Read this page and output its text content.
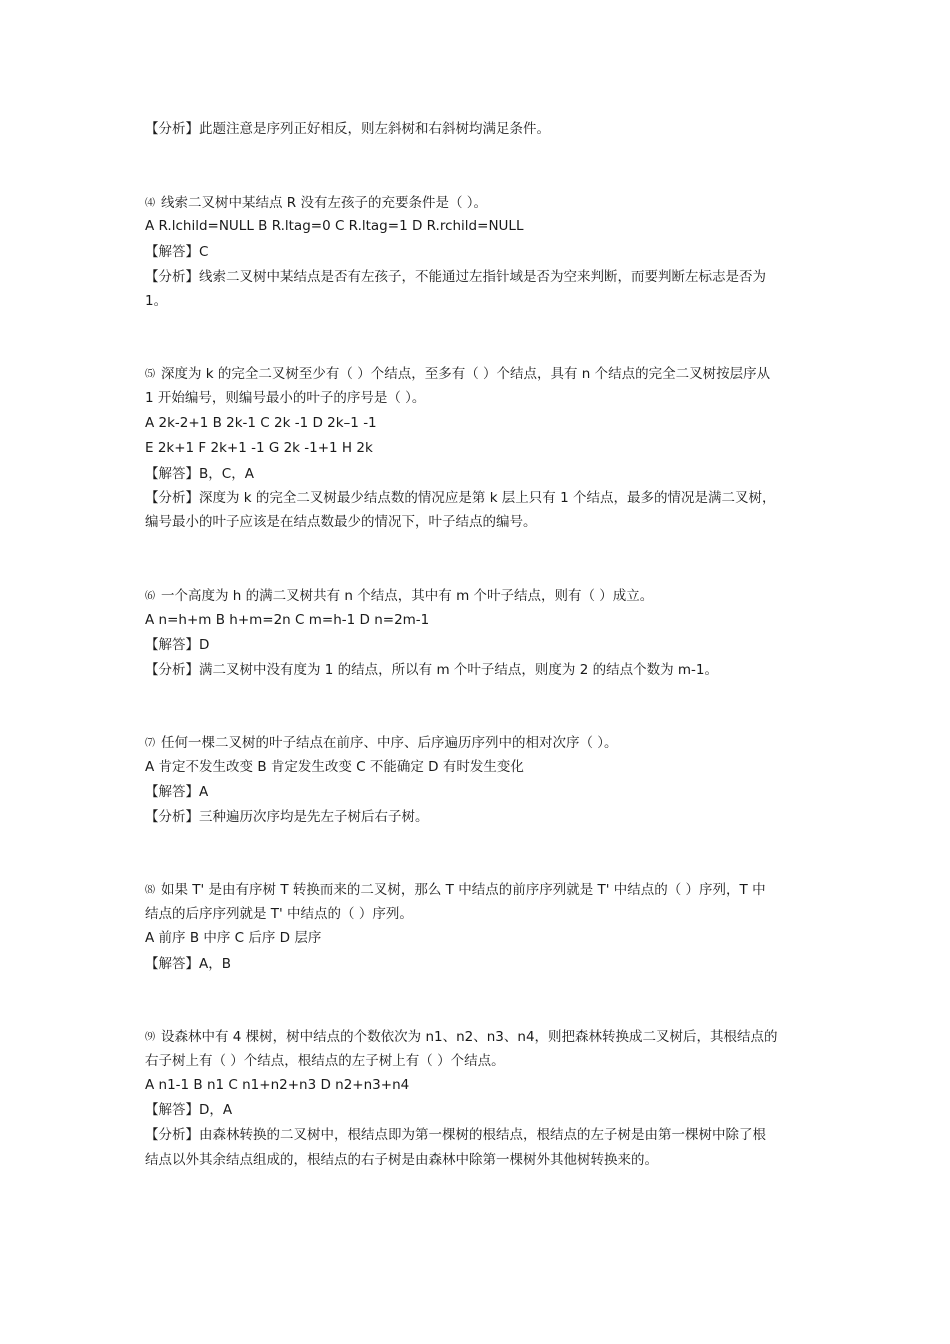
【分析】此题注意是序列正好相反，则左斜树和右斜树均满足条件。
⑷ 线索二叉树中某结点 R 没有左孩子的充要条件是（ ）。
A R.lchild=NULL B R.ltag=0 C R.ltag=1 D R.rchild=NULL
【解答】C
【分析】线索二叉树中某结点是否有左孩子，不能通过左指针域是否为空来判断，而要判断左标志是否为
1。
⑸ 深度为 k 的完全二叉树至少有（ ）个结点，至多有（ ）个结点，具有 n 个结点的完全二叉树按层序从
1 开始编号，则编号最小的叶子的序号是（ ）。
A 2k-2+1 B 2k-1 C 2k -1 D 2k–1 -1
E 2k+1 F 2k+1 -1 G 2k -1+1 H 2k
【解答】B，C，A
【分析】深度为 k 的完全二叉树最少结点数的情况应是第 k 层上只有 1 个结点，最多的情况是满二叉树，
编号最小的叶子应该是在结点数最少的情况下，叶子结点的编号。
⑹ 一个高度为 h 的满二叉树共有 n 个结点，其中有 m 个叶子结点，则有（ ）成立。
A n=h+m B h+m=2n C m=h-1 D n=2m-1
【解答】D
【分析】满二叉树中没有度为 1 的结点，所以有 m 个叶子结点，则度为 2 的结点个数为 m-1。
⑺ 任何一棵二叉树的叶子结点在前序、中序、后序遍历序列中的相对次序（ ）。
A 肯定不发生改变 B 肯定发生改变 C 不能确定 D 有时发生变化
【解答】A
【分析】三种遍历次序均是先左子树后右子树。
⑻ 如果 T' 是由有序树 T 转换而来的二叉树，那么 T 中结点的前序序列就是 T' 中结点的（ ）序列，T 中
结点的后序序列就是 T' 中结点的（ ）序列。
A 前序 B 中序 C 后序 D 层序
【解答】A，B
⑼ 设森林中有 4 棵树，树中结点的个数依次为 n1、n2、n3、n4，则把森林转换成二叉树后，其根结点的
右子树上有（ ）个结点，根结点的左子树上有（ ）个结点。
A n1-1 B n1 C n1+n2+n3 D n2+n3+n4
【解答】D，A
【分析】由森林转换的二叉树中，根结点即为第一棵树的根结点，根结点的左子树是由第一棵树中除了根
结点以外其余结点组成的，根结点的右子树是由森林中除第一棵树外其他树转换来的。
